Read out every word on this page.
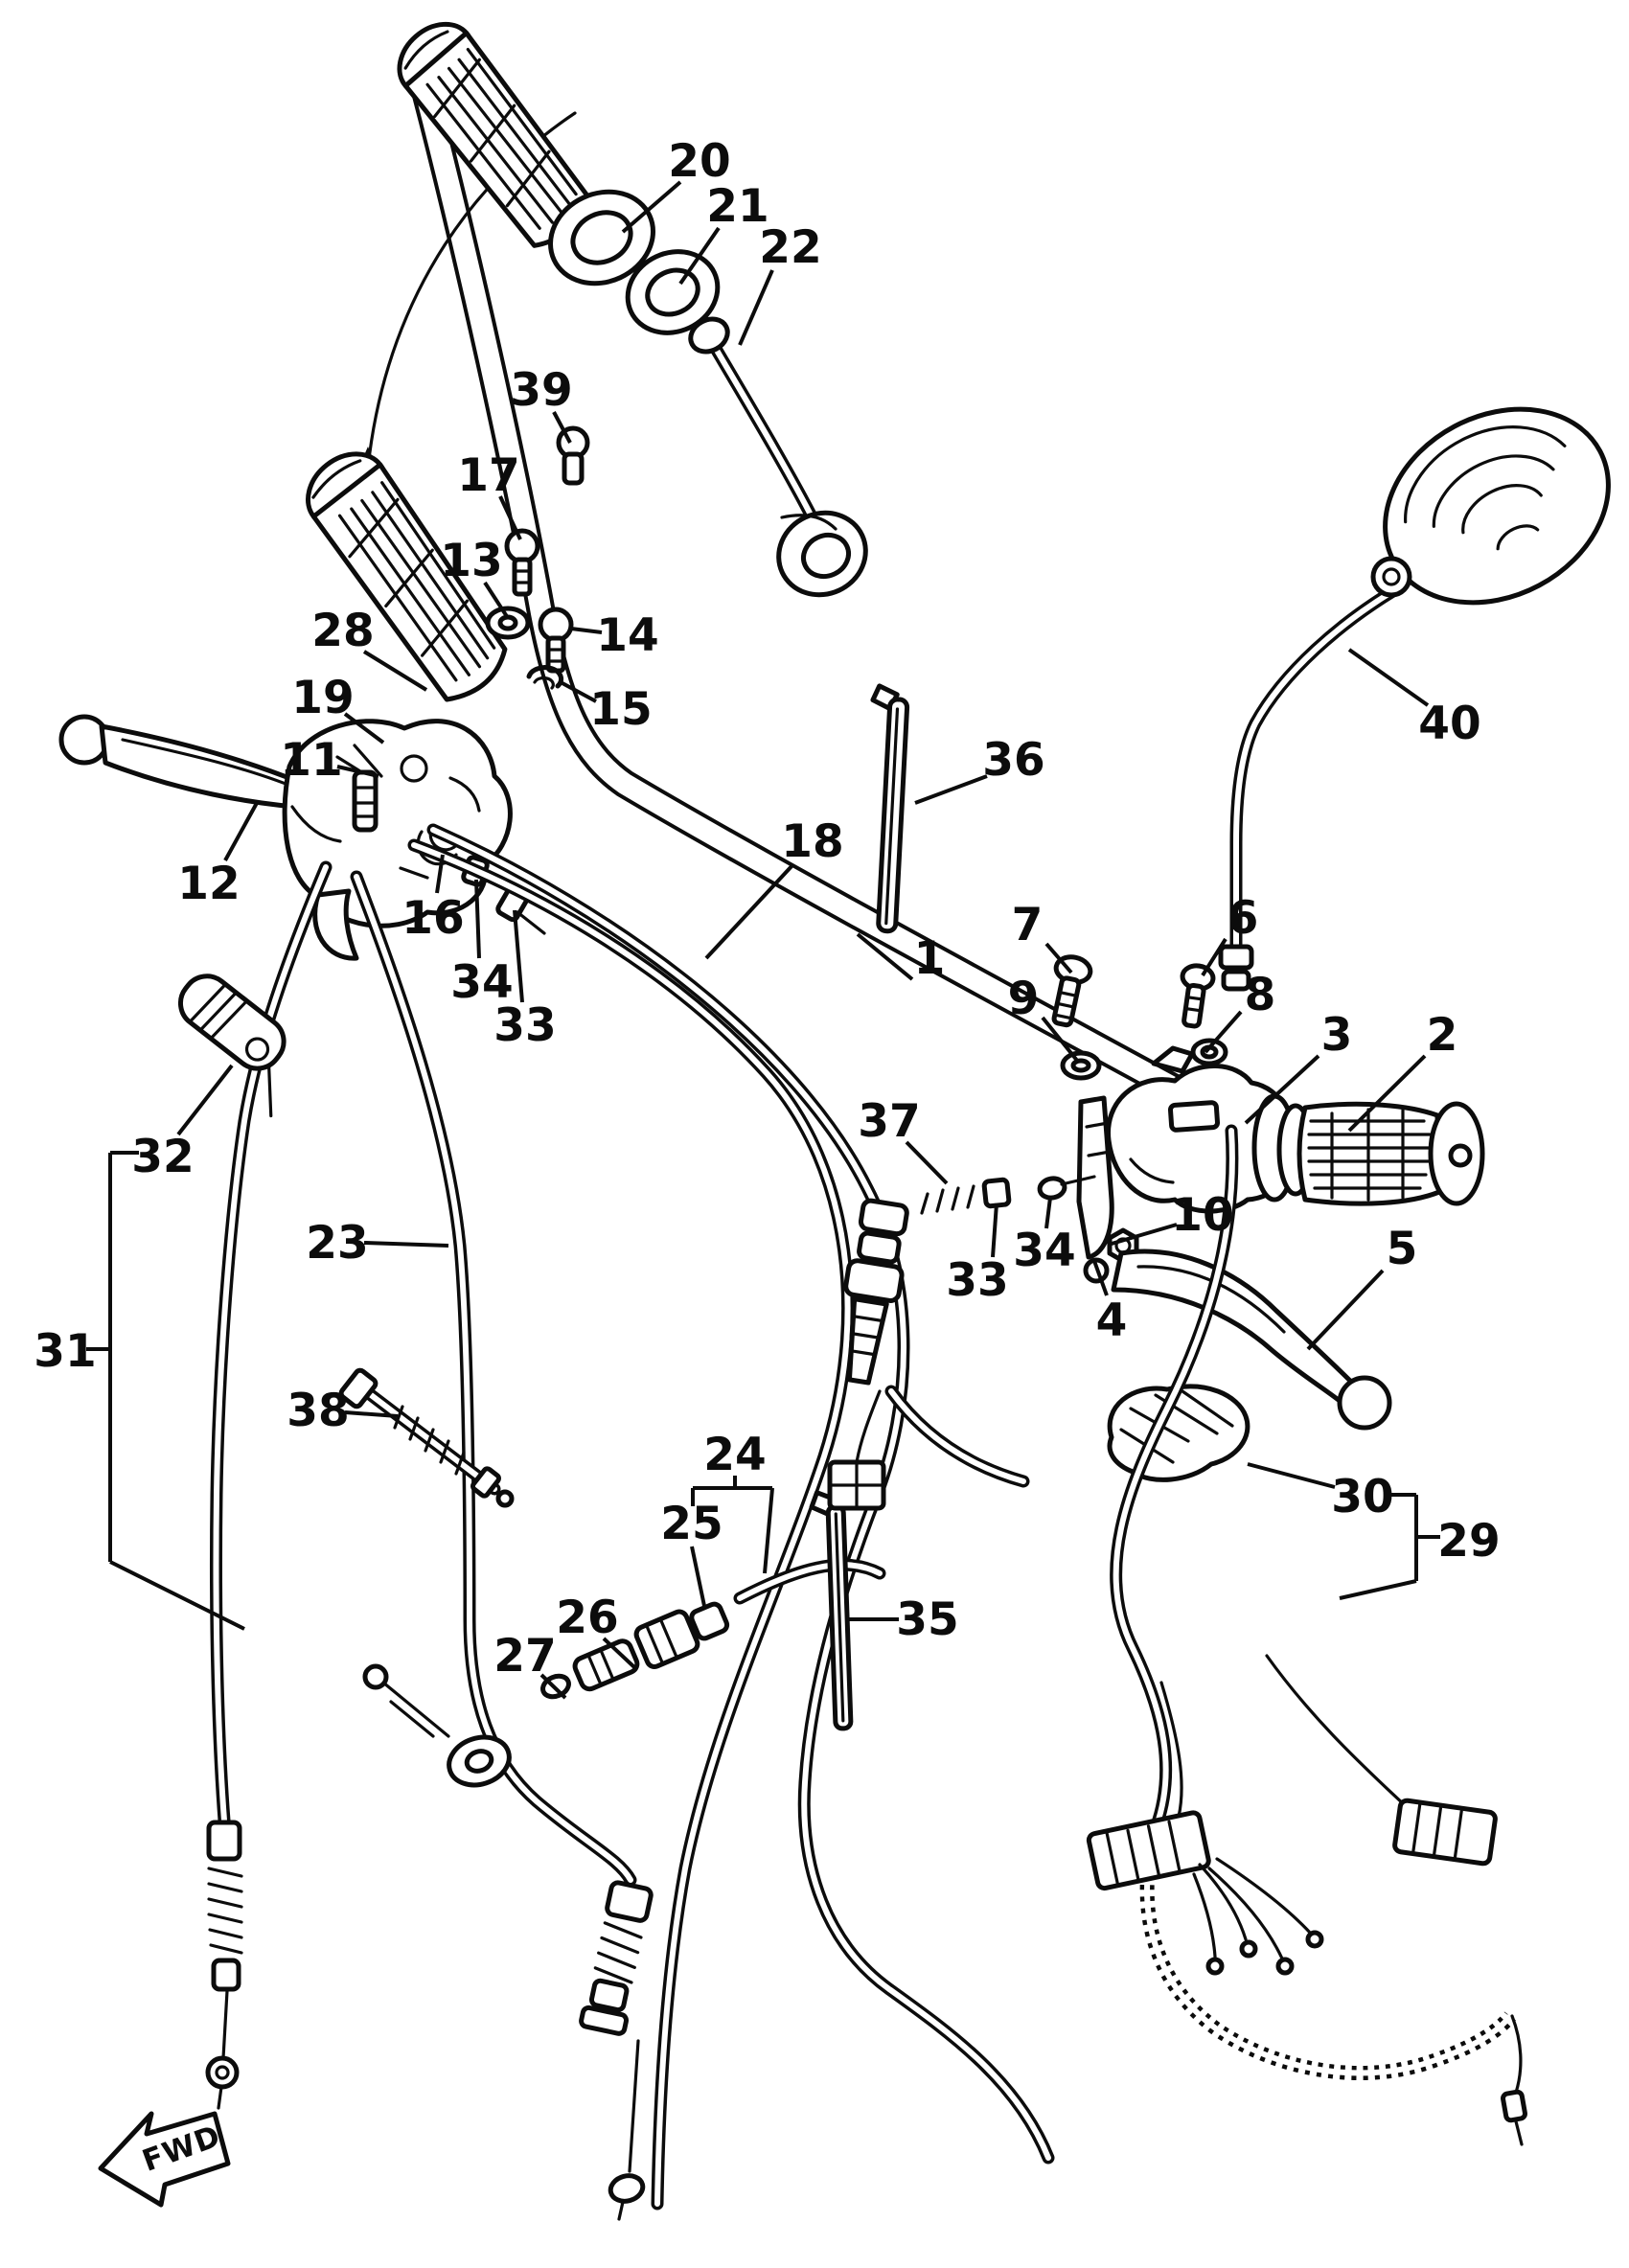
FWD
1
2
3
4
5
6
7
8
9
10
11
12
13
14
15
16
17
18
19
20
21
22
23
24
25
26
27
28
29
30
31
32
33
34
33
34
35
36
37
38
39
40
